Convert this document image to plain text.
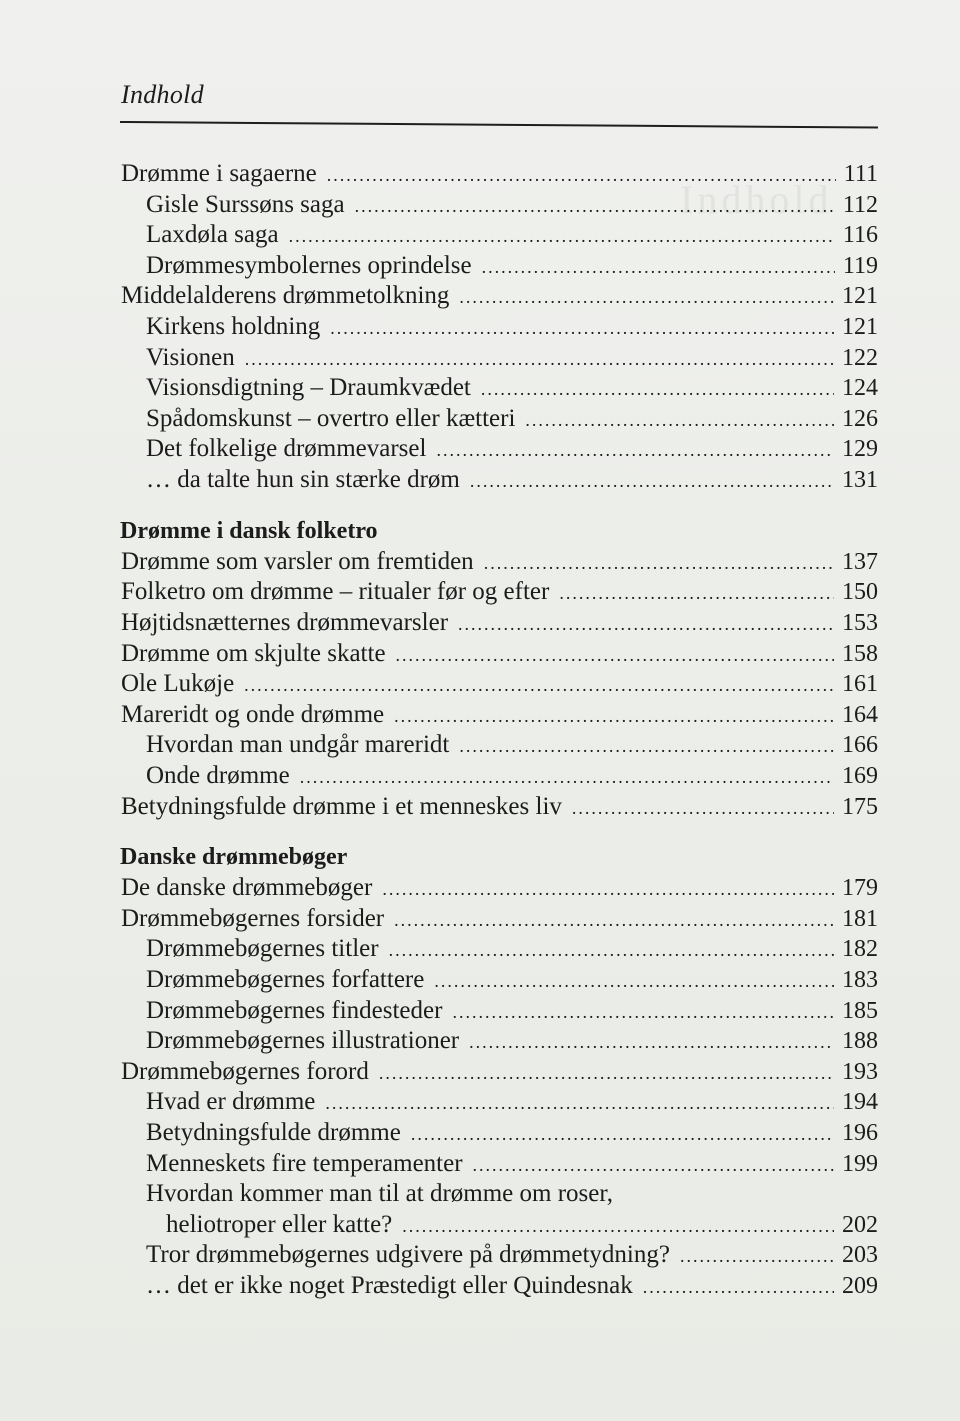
Indhold
Indhold
Drømme i sagaerne .....	111
Gisle Surssøns saga .....	112
Laxdøla saga .....	116
Drømmesymbolernes oprindelse .....	119
Middelalderens drømmetolkning .....	121
Kirkens holdning .....	121
Visionen .....	122
Visionsdigtning – Draumkvædet .....	124
Spådomskunst – overtro eller kætteri .....	126
Det folkelige drømmevarsel .....	129
… da talte hun sin stærke drøm .....	131
Drømme i dansk folketro
Drømme som varsler om fremtiden .....	137
Folketro om drømme – ritualer før og efter .....	150
Højtidsnætternes drømmevarsler .....	153
Drømme om skjulte skatte .....	158
Ole Lukøje .....	161
Mareridt og onde drømme .....	164
Hvordan man undgår mareridt .....	166
Onde drømme .....	169
Betydningsfulde drømme i et menneskes liv .....	175
Danske drømmebøger
De danske drømmebøger .....	179
Drømmebøgernes forsider .....	181
Drømmebøgernes titler .....	182
Drømmebøgernes forfattere .....	183
Drømmebøgernes findesteder .....	185
Drømmebøgernes illustrationer .....	188
Drømmebøgernes forord .....	193
Hvad er drømme .....	194
Betydningsfulde drømme .....	196
Menneskets fire temperamenter .....	199
Hvordan kommer man til at drømme om roser,
heliotroper eller katte? .....	202
Tror drømmebøgernes udgivere på drømmetydning? .....	203
… det er ikke noget Præstedigt eller Quindesnak .....	209
